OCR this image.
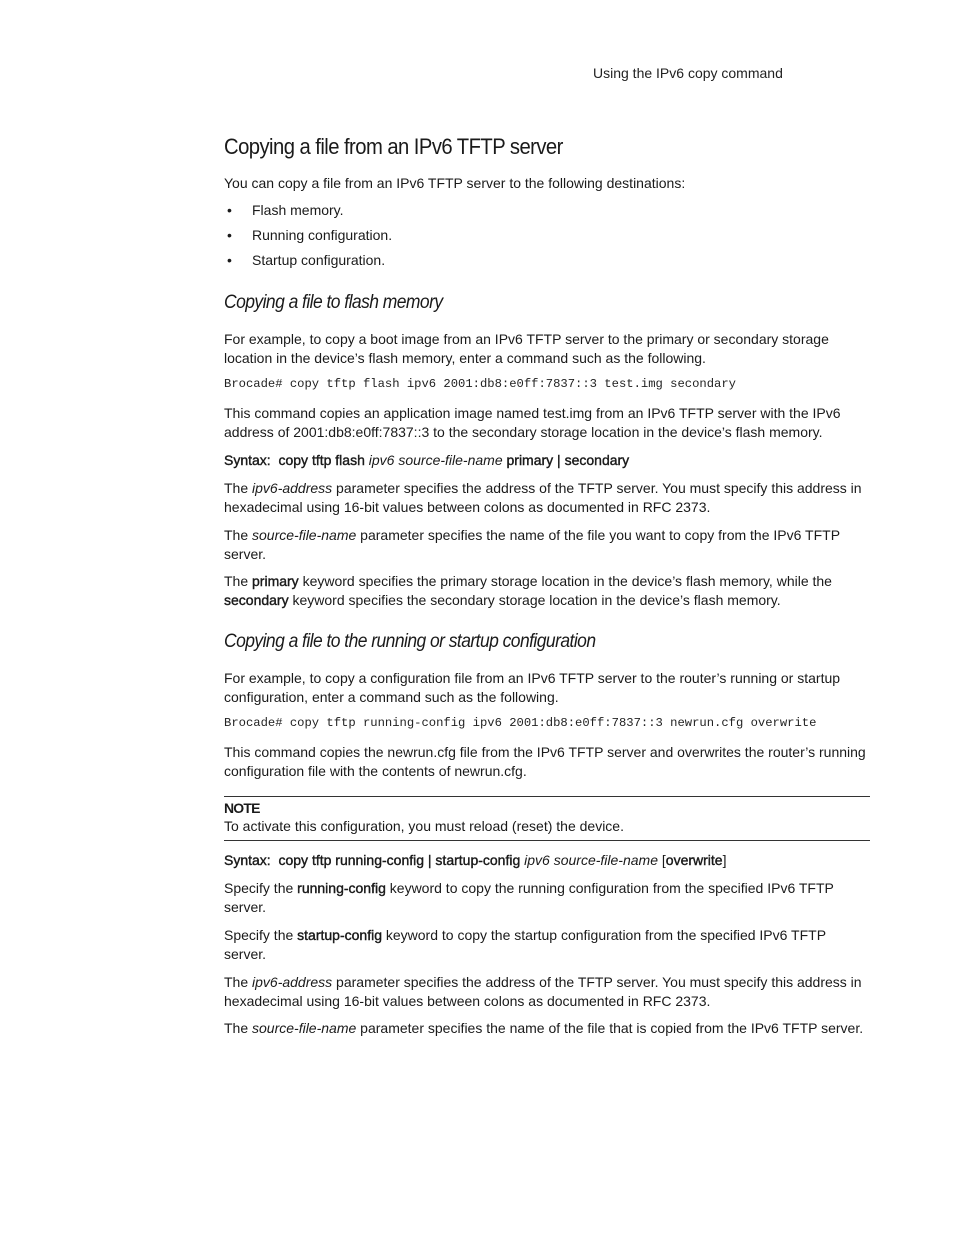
Using the IPv6 copy command
Copying a file from an IPv6 TFTP server

You can copy a file from an IPv6 TFTP server to the following destinations:

• Flash memory.
• Running configuration.
• Startup configuration.
Copying a file to flash memory

For example, to copy a boot image from an IPv6 TFTP server to the primary or secondary storage location in the device’s flash memory, enter a command such as the following.

Brocade# copy tftp flash ipv6 2001:db8:e0ff:7837::3 test.img secondary

This command copies an application image named test.img from an IPv6 TFTP server with the IPv6 address of 2001:db8:e0ff:7837::3 to the secondary storage location in the device’s flash memory.

Syntax: copy tftp flash ipv6 source-file-name primary | secondary

The ipv6-address parameter specifies the address of the TFTP server. You must specify this address in hexadecimal using 16-bit values between colons as documented in RFC 2373.

The source-file-name parameter specifies the name of the file you want to copy from the IPv6 TFTP server.

The primary keyword specifies the primary storage location in the device’s flash memory, while the secondary keyword specifies the secondary storage location in the device’s flash memory.

Copying a file to the running or startup configuration

For example, to copy a configuration file from an IPv6 TFTP server to the router’s running or startup configuration, enter a command such as the following.

Brocade# copy tftp running-config ipv6 2001:db8:e0ff:7837::3 newrun.cfg overwrite

This command copies the newrun.cfg file from the IPv6 TFTP server and overwrites the router’s running configuration file with the contents of newrun.cfg.

NOTE

To activate this configuration, you must reload (reset) the device.

Syntax: copy tftp running-config | startup-config ipv6 source-file-name [overwrite]

Specify the running-config keyword to copy the running configuration from the specified IPv6 TFTP server.

Specify the startup-config keyword to copy the startup configuration from the specified IPv6 TFTP server.

The ipv6-address parameter specifies the address of the TFTP server. You must specify this address in hexadecimal using 16-bit values between colons as documented in RFC 2373.

The source-file-name parameter specifies the name of the file that is copied from the IPv6 TFTP server.
